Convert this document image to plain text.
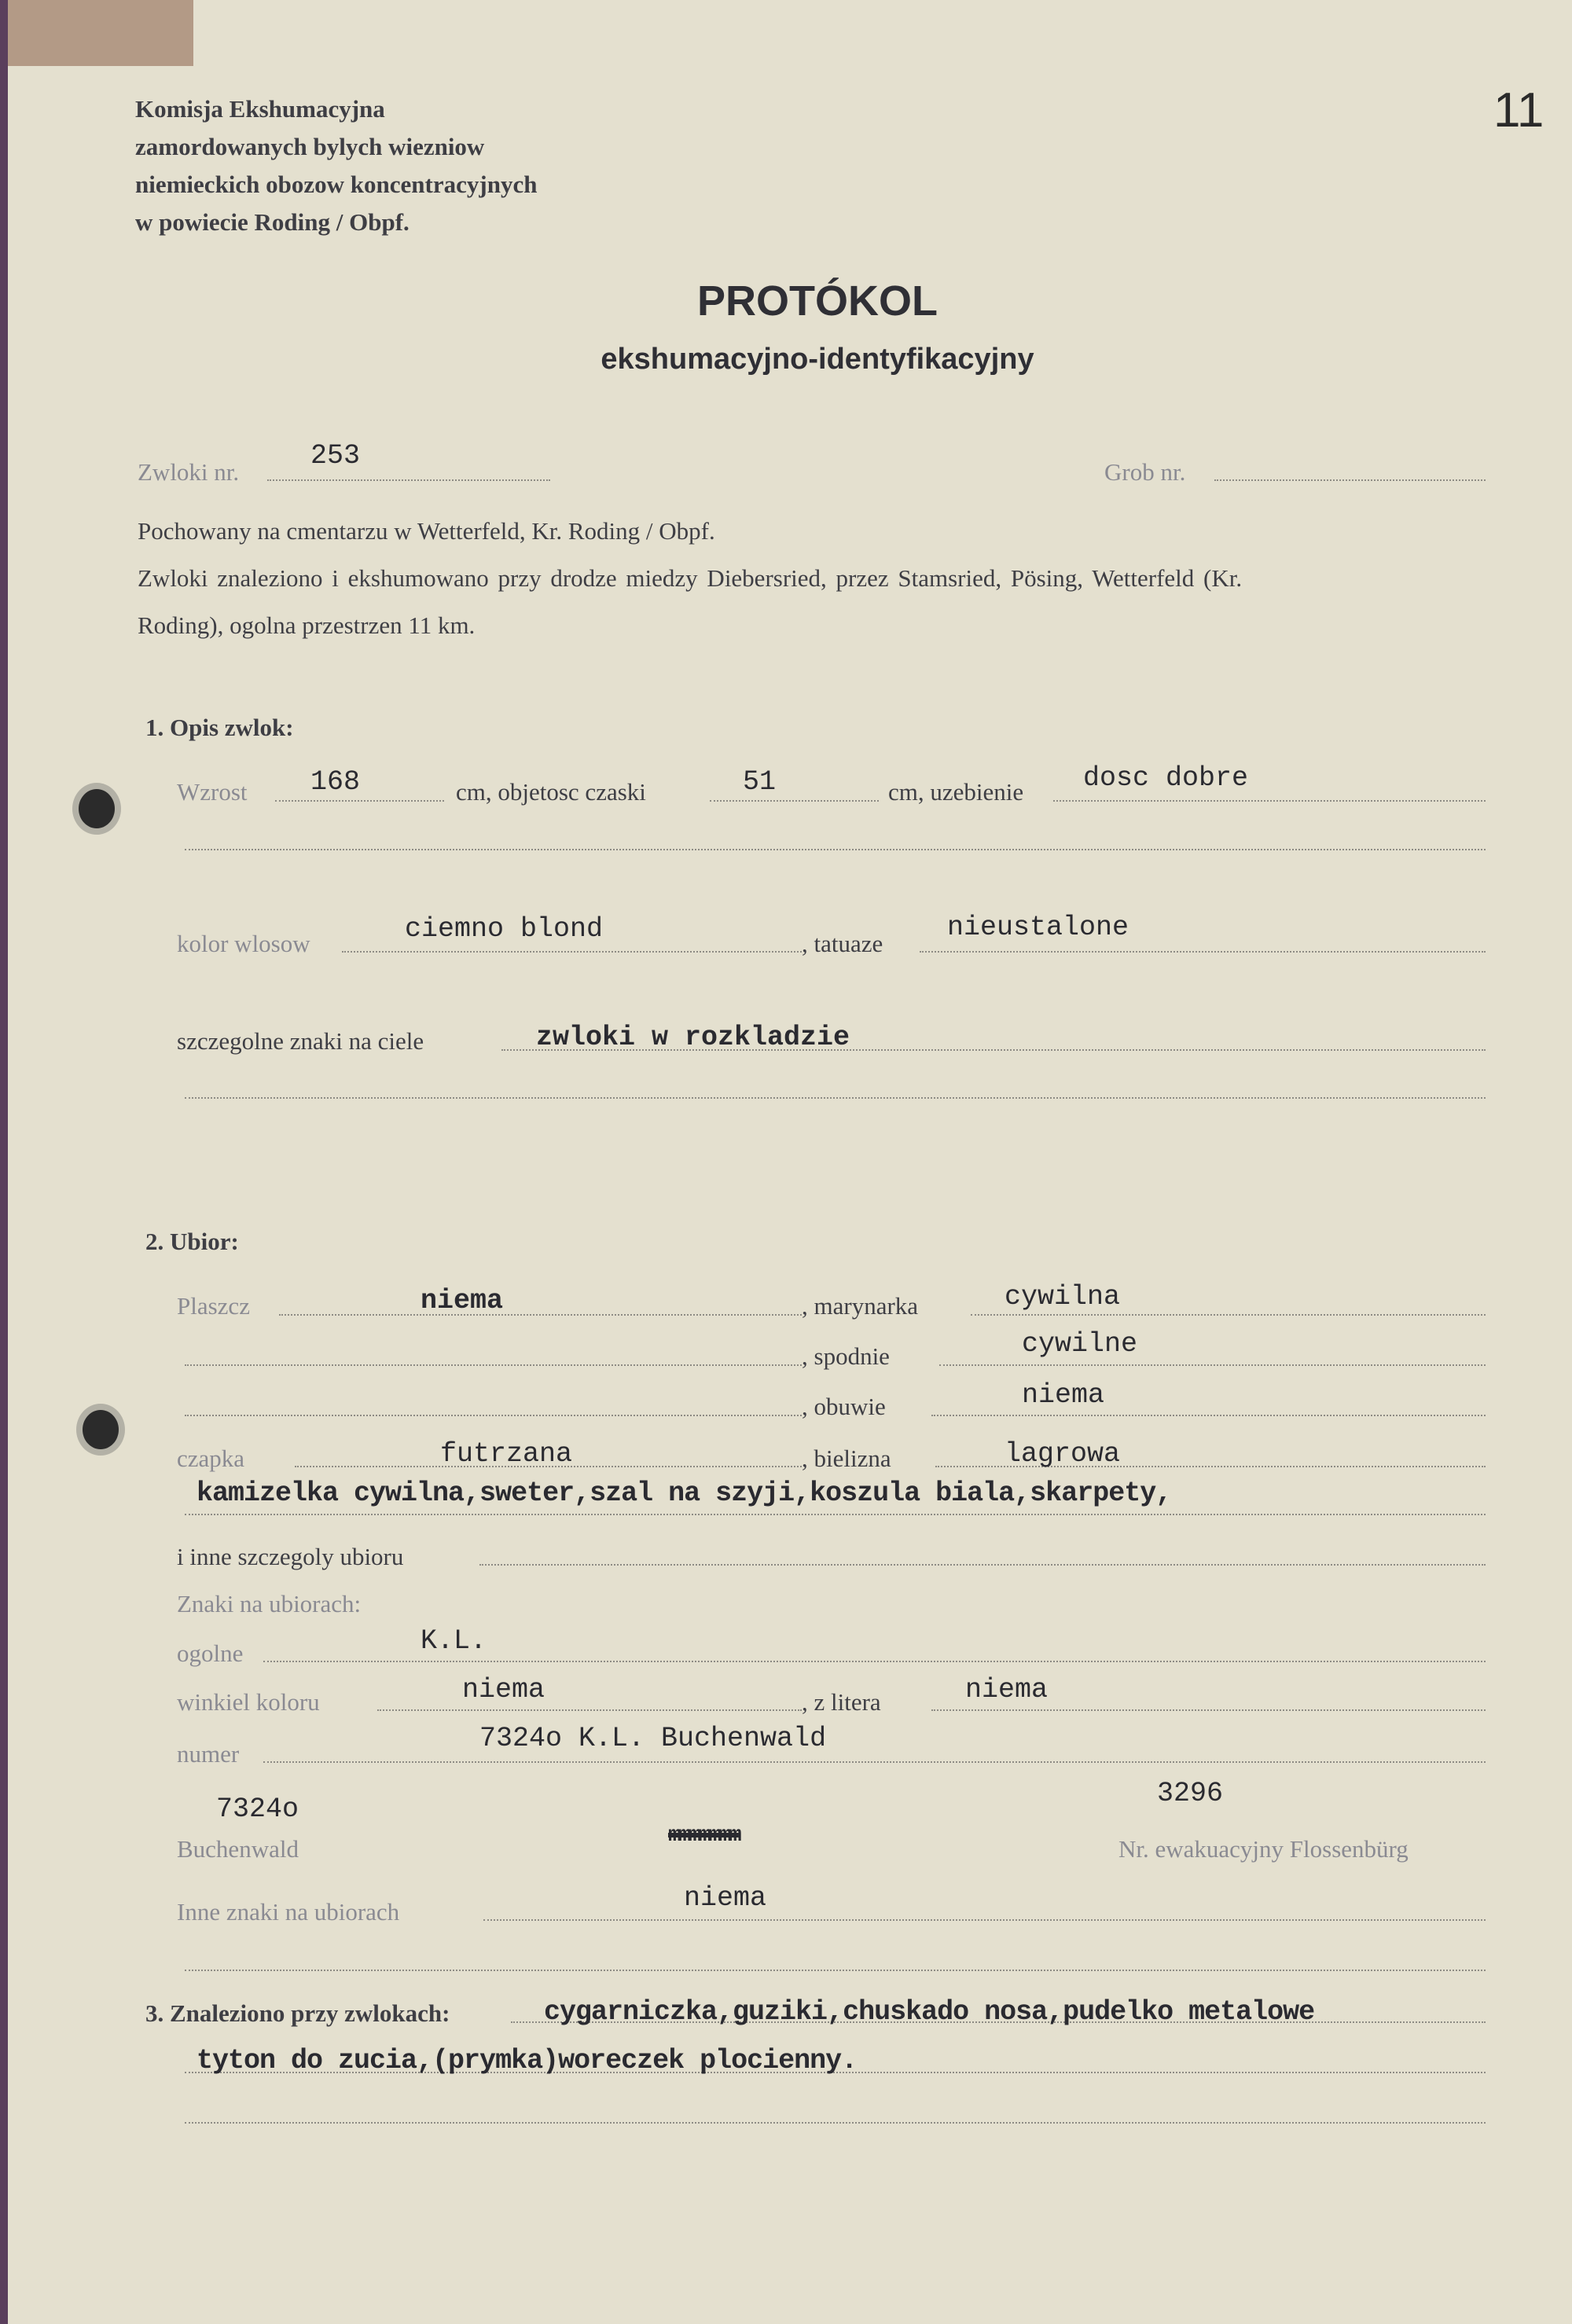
Komisja Ekshumacyjna
zamordowanych bylych wiezniow
niemieckich obozow koncentracyjnych
w powiecie Roding / Obpf.
11
PROTÓKOL
ekshumacyjno-identyfikacyjny
Zwloki nr.
253
Grob nr.
Pochowany na cmentarzu w Wetterfeld, Kr. Roding / Obpf.
Zwloki znaleziono i ekshumowano przy drodze miedzy Diebersried, przez Stamsried, Pösing, Wetterfeld (Kr.
Roding), ogolna przestrzen 11 km.
1. Opis zwlok:
Wzrost 168	cm, objetosc czaski	51	cm, uzebienie dosc dobre
kolor wlosow	ciemno blond	, tatuaze
nieustalone
szczegolne znaki na ciele	zwloki w rozkladzie
2. Ubior:
Plaszcz	niema	, marynarka	cywilna
, spodnie	cywilne
, obuwie	niema
czapka	futrzana	, bielizna	lagrowa
kamizelka cywilna,sweter,szal na szyji,koszula biala,skarpety,
i inne szczegoly ubioru
Znaki na ubiorach:
ogolne	K.L.
winkiel koloru	niema	, z litera	niema
numer	7324o K.L. Buchenwald
7324o
Buchenwald	mmmmmmm
3296
Nr. ewakuacyjny Flossenbürg
Inne znaki na ubiorach	niema
3. Znaleziono przy zwlokach:	cygarniczka,guziki,chuskado nosa,pudelko metalowe
tyton do zucia,(prymka)woreczek plocienny.
